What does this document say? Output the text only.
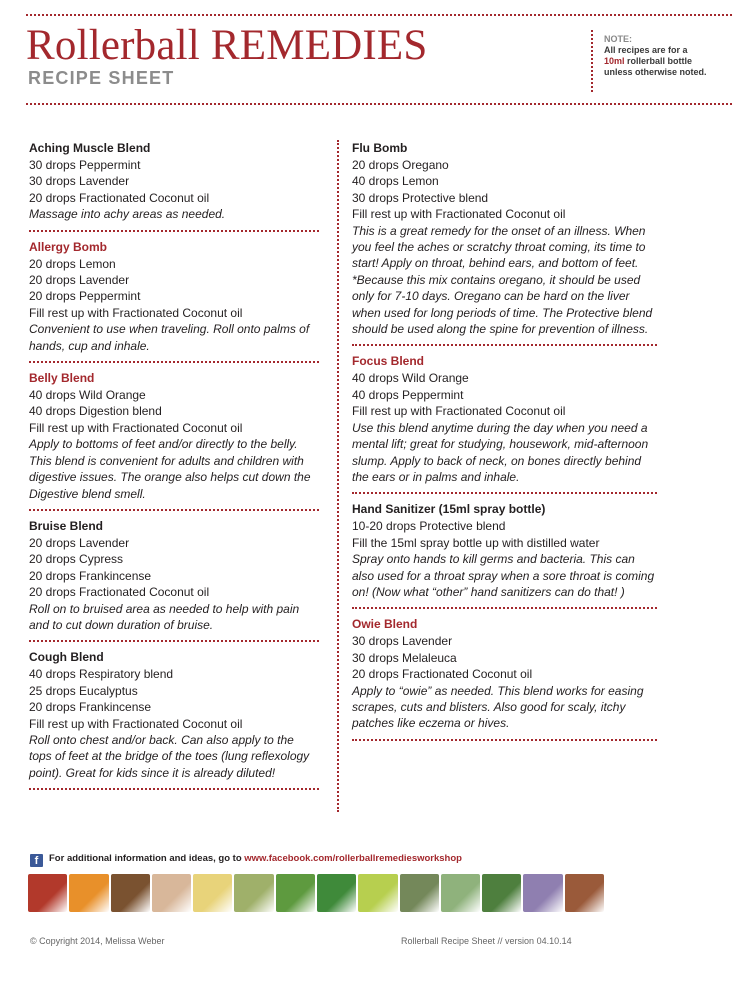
Rollerball REMEDIES
RECIPE SHEET
NOTE:
All recipes are for a
10ml rollerball bottle
unless otherwise noted.
Aching Muscle Blend
30 drops Peppermint
30 drops Lavender
20 drops Fractionated Coconut oil
Massage into achy areas as needed.
Allergy Bomb
20 drops Lemon
20 drops Lavender
20 drops Peppermint
Fill rest up with Fractionated Coconut oil
Convenient to use when traveling. Roll onto palms of hands, cup and inhale.
Belly Blend
40 drops Wild Orange
40 drops Digestion blend
Fill rest up with Fractionated Coconut oil
Apply to bottoms of feet and/or directly to the belly. This blend is convenient for adults and children with digestive issues. The orange also helps cut down the Digestive blend smell.
Bruise Blend
20 drops Lavender
20 drops Cypress
20 drops Frankincense
20 drops Fractionated Coconut oil
Roll on to bruised area as needed to help with pain and to cut down duration of bruise.
Cough Blend
40 drops Respiratory blend
25 drops Eucalyptus
20 drops Frankincense
Fill rest up with Fractionated Coconut oil
Roll onto chest and/or back. Can also apply to the tops of feet at the bridge of the toes (lung reflexology point). Great for kids since it is already diluted!
Flu Bomb
20 drops Oregano
40 drops Lemon
30 drops Protective blend
Fill rest up with Fractionated Coconut oil
This is a great remedy for the onset of an illness. When you feel the aches or scratchy throat coming, its time to start! Apply on throat, behind ears, and bottom of feet. *Because this mix contains oregano, it should be used only for 7-10 days. Oregano can be hard on the liver when used for long periods of time. The Protective blend should be used along the spine for prevention of illness.
Focus Blend
40 drops Wild Orange
40 drops Peppermint
Fill rest up with Fractionated Coconut oil
Use this blend anytime during the day when you need a mental lift; great for studying, housework, mid-afternoon slump. Apply to back of neck, on bones directly behind the ears or in palms and inhale.
Hand Sanitizer (15ml spray bottle)
10-20 drops Protective blend
Fill the 15ml spray bottle up with distilled water
Spray onto hands to kill germs and bacteria. This can also used for a throat spray when a sore throat is coming on! (Now what “other” hand sanitizers can do that! )
Owie Blend
30 drops Lavender
30 drops Melaleuca
20 drops Fractionated Coconut oil
Apply to “owie” as needed. This blend works for easing scrapes, cuts and blisters. Also good for scaly, itchy patches like eczema or hives.
f For additional information and ideas, go to www.facebook.com/rollerballremediesworkshop
© Copyright 2014, Melissa Weber	Rollerball Recipe Sheet // version 04.10.14
